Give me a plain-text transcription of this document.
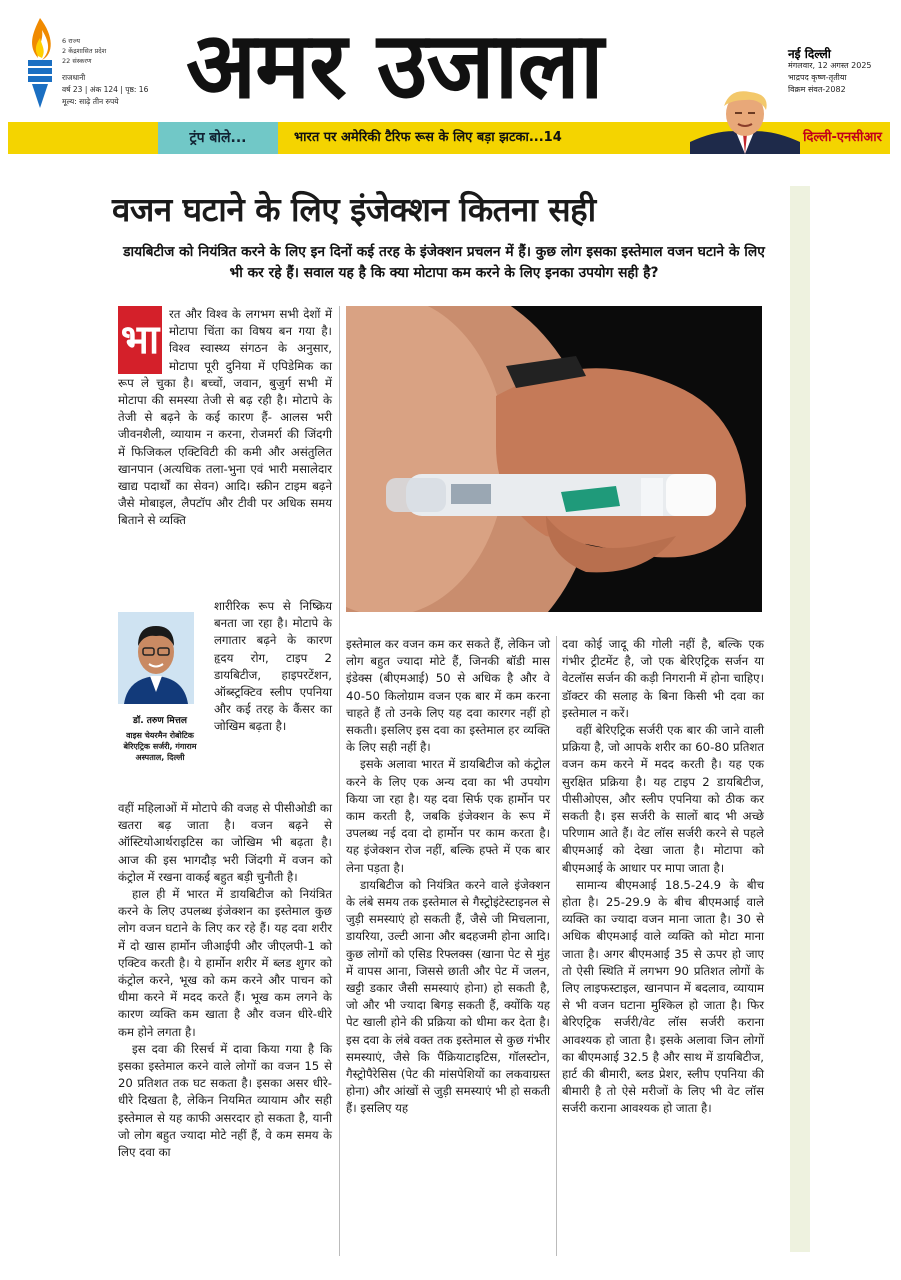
6 राज्य
2 केंद्रशासित प्रदेश
22 संस्करण
राजधानी
वर्ष 23 | अंक 124 | पृष्ठ: 16
मूल्य: साढ़े तीन रुपये अमर उजाला	नई दिल्ली
मंगलवार, 12 अगस्त 2025
भाद्रपद कृष्ण-तृतीया
विक्रम संवत-2082
ट्रंप बोले...	भारत पर अमेरिकी टैरिफ रूस के लिए बड़ा झटका...14	दिल्ली-एनसीआर
वजन घटाने के लिए इंजेक्शन कितना सही
डायबिटीज को नियंत्रित करने के लिए इन दिनों कई तरह के इंजेक्शन प्रचलन में हैं। कुछ लोग इसका इस्तेमाल वजन घटाने के लिए भी कर रहे हैं। सवाल यह है कि क्या मोटापा कम करने के लिए इनका उपयोग सही है?
भा
रत और विश्व के लगभग सभी देशों में मोटापा चिंता का विषय बन गया है। विश्व स्वास्थ्य संगठन के अनुसार, मोटापा पूरी दुनिया में एपिडेमिक का रूप ले चुका है। बच्चों, जवान, बुजुर्ग सभी में मोटापा की समस्या तेजी से बढ़ रही है। मोटापे के तेजी से बढ़ने के कई कारण हैं- आलस भरी जीवनशैली, व्यायाम न करना, रोजमर्रा की जिंदगी में फिजिकल एक्टिविटी की कमी और असंतुलित खानपान (अत्यधिक तला-भुना एवं भारी मसालेदार खाद्य पदार्थों का सेवन) आदि। स्क्रीन टाइम बढ़ने जैसे मोबाइल, लैपटॉप और टीवी पर अधिक समय बिताने से व्यक्ति
डॉ. तरुण मित्तल
वाइस चेयरमैन रोबोटिक बेरिएट्रिक सर्जरी, गंगाराम अस्पताल, दिल्ली
शारीरिक रूप से निष्क्रिय बनता जा रहा है। मोटापे के लगातार बढ़ने के कारण हृदय रोग, टाइप 2 डायबिटीज, हाइपरटेंशन, ऑब्स्ट्रक्टिव स्लीप एपनिया और कई तरह के कैंसर का जोखिम बढ़ता है।

वहीं महिलाओं में मोटापे की वजह से पीसीओडी का खतरा बढ़ जाता है। वजन बढ़ने से ऑस्टियोआर्थराइटिस का जोखिम भी बढ़ता है। आज की इस भागदौड़ भरी जिंदगी में वजन को कंट्रोल में रखना वाकई बहुत बड़ी चुनौती है।

हाल ही में भारत में डायबिटीज को नियंत्रित करने के लिए उपलब्ध इंजेक्शन का इस्तेमाल कुछ लोग वजन घटाने के लिए कर रहे हैं। यह दवा शरीर में दो खास हार्मोन जीआईपी और जीएलपी-1 को एक्टिव करती है। ये हार्मोन शरीर में ब्लड शुगर को कंट्रोल करने, भूख को कम करने और पाचन को धीमा करने में मदद करते हैं। भूख कम लगने के कारण व्यक्ति कम खाता है और वजन धीरे-धीरे कम होने लगता है।

इस दवा की रिसर्च में दावा किया गया है कि इसका इस्तेमाल करने वाले लोगों का वजन 15 से 20 प्रतिशत तक घट सकता है। इसका असर धीरे-धीरे दिखता है, लेकिन नियमित व्यायाम और सही इस्तेमाल से यह काफी असरदार हो सकता है, यानी जो लोग बहुत ज्यादा मोटे नहीं हैं, वे कम समय के लिए दवा का

इस्तेमाल कर वजन कम कर सकते हैं, लेकिन जो लोग बहुत ज्यादा मोटे हैं, जिनकी बॉडी मास इंडेक्स (बीएमआई) 50 से अधिक है और वे 40-50 किलोग्राम वजन एक बार में कम करना चाहते हैं तो उनके लिए यह दवा कारगर नहीं हो सकती। इसलिए इस दवा का इस्तेमाल हर व्यक्ति के लिए सही नहीं है।

इसके अलावा भारत में डायबिटीज को कंट्रोल करने के लिए एक अन्य दवा का भी उपयोग किया जा रहा है। यह दवा सिर्फ एक हार्मोन पर काम करती है, जबकि इंजेक्शन के रूप में उपलब्ध नई दवा दो हार्मोन पर काम करता है। यह इंजेक्शन रोज नहीं, बल्कि हफ्ते में एक बार लेना पड़ता है।

डायबिटीज को नियंत्रित करने वाले इंजेक्शन के लंबे समय तक इस्तेमाल से गैस्ट्रोइंटेस्टाइनल से जुड़ी समस्याएं हो सकती हैं, जैसे जी मिचलाना, डायरिया, उल्टी आना और बदहजमी होना आदि। कुछ लोगों को एसिड रिफ्लक्स (खाना पेट से मुंह में वापस आना, जिससे छाती और पेट में जलन, खट्टी डकार जैसी समस्याएं होना) हो सकती है, जो और भी ज्यादा बिगड़ सकती हैं, क्योंकि यह पेट खाली होने की प्रक्रिया को धीमा कर देता है। इस दवा के लंबे वक्त तक इस्तेमाल से कुछ गंभीर समस्याएं, जैसे कि पैंक्रियाटाइटिस, गॉलस्टोन, गैस्ट्रोपैरेसिस (पेट की मांसपेशियों का लकवाग्रस्त होना) और आंखों से जुड़ी समस्याएं भी हो सकती हैं। इसलिए यह

दवा कोई जादू की गोली नहीं है, बल्कि एक गंभीर ट्रीटमेंट है, जो एक बेरिएट्रिक सर्जन या वेटलॉस सर्जन की कड़ी निगरानी में होना चाहिए। डॉक्टर की सलाह के बिना किसी भी दवा का इस्तेमाल न करें।

वहीं बेरिएट्रिक सर्जरी एक बार की जाने वाली प्रक्रिया है, जो आपके शरीर का 60-80 प्रतिशत वजन कम करने में मदद करती है। यह एक सुरक्षित प्रक्रिया है। यह टाइप 2 डायबिटीज, पीसीओएस, और स्लीप एपनिया को ठीक कर सकती है। इस सर्जरी के सालों बाद भी अच्छे परिणाम आते हैं। वेट लॉस सर्जरी करने से पहले बीएमआई को देखा जाता है। मोटापा को बीएमआई के आधार पर मापा जाता है।

सामान्य बीएमआई 18.5-24.9 के बीच होता है। 25-29.9 के बीच बीएमआई वाले व्यक्ति का ज्यादा वजन माना जाता है। 30 से अधिक बीएमआई वाले व्यक्ति को मोटा माना जाता है। अगर बीएमआई 35 से ऊपर हो जाए तो ऐसी स्थिति में लगभग 90 प्रतिशत लोगों के लिए लाइफस्टाइल, खानपान में बदलाव, व्यायाम से भी वजन घटाना मुश्किल हो जाता है। फिर बेरिएट्रिक सर्जरी/वेट लॉस सर्जरी कराना आवश्यक हो जाता है। इसके अलावा जिन लोगों का बीएमआई 32.5 है और साथ में डायबिटीज, हार्ट की बीमारी, ब्लड प्रेशर, स्लीप एपनिया की बीमारी है तो ऐसे मरीजों के लिए भी वेट लॉस सर्जरी कराना आवश्यक हो जाता है।
